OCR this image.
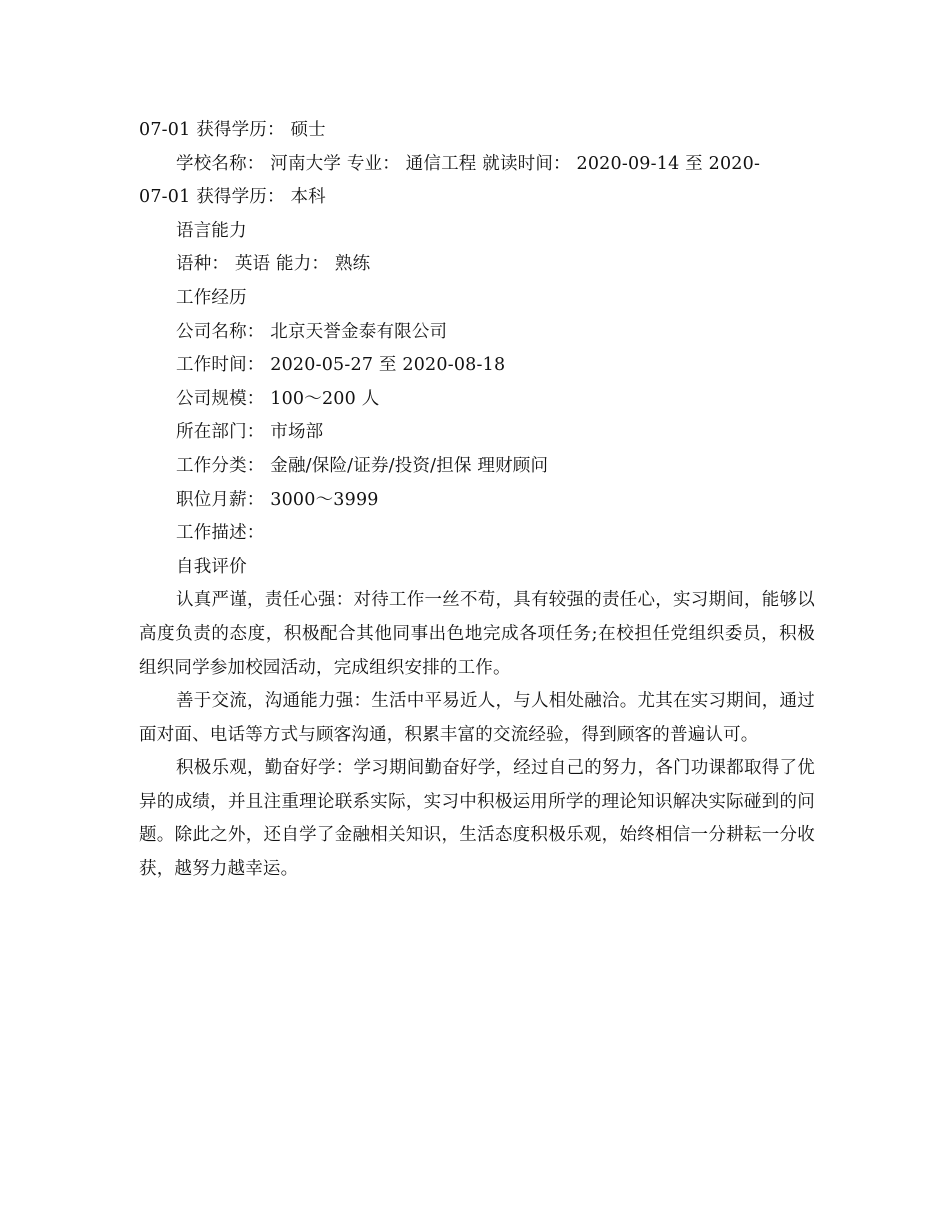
07-01 获得学历： 硕士
学校名称： 河南大学 专业： 通信工程 就读时间： 2020-09-14 至 2020-
07-01 获得学历： 本科
语言能力
语种： 英语 能力： 熟练
工作经历
公司名称： 北京天誉金泰有限公司
工作时间： 2020-05-27 至 2020-08-18
公司规模： 100～200 人
所在部门： 市场部
工作分类： 金融/保险/证券/投资/担保 理财顾问
职位月薪： 3000～3999
工作描述：
自我评价
认真严谨，责任心强：对待工作一丝不苟，具有较强的责任心，实习期间，能够以高度负责的态度，积极配合其他同事出色地完成各项任务;在校担任党组织委员，积极组织同学参加校园活动，完成组织安排的工作。
善于交流，沟通能力强：生活中平易近人，与人相处融洽。尤其在实习期间，通过面对面、电话等方式与顾客沟通，积累丰富的交流经验，得到顾客的普遍认可。
积极乐观，勤奋好学：学习期间勤奋好学，经过自己的努力，各门功课都取得了优异的成绩，并且注重理论联系实际，实习中积极运用所学的理论知识解决实际碰到的问题。除此之外，还自学了金融相关知识，生活态度积极乐观，始终相信一分耕耘一分收获，越努力越幸运。
